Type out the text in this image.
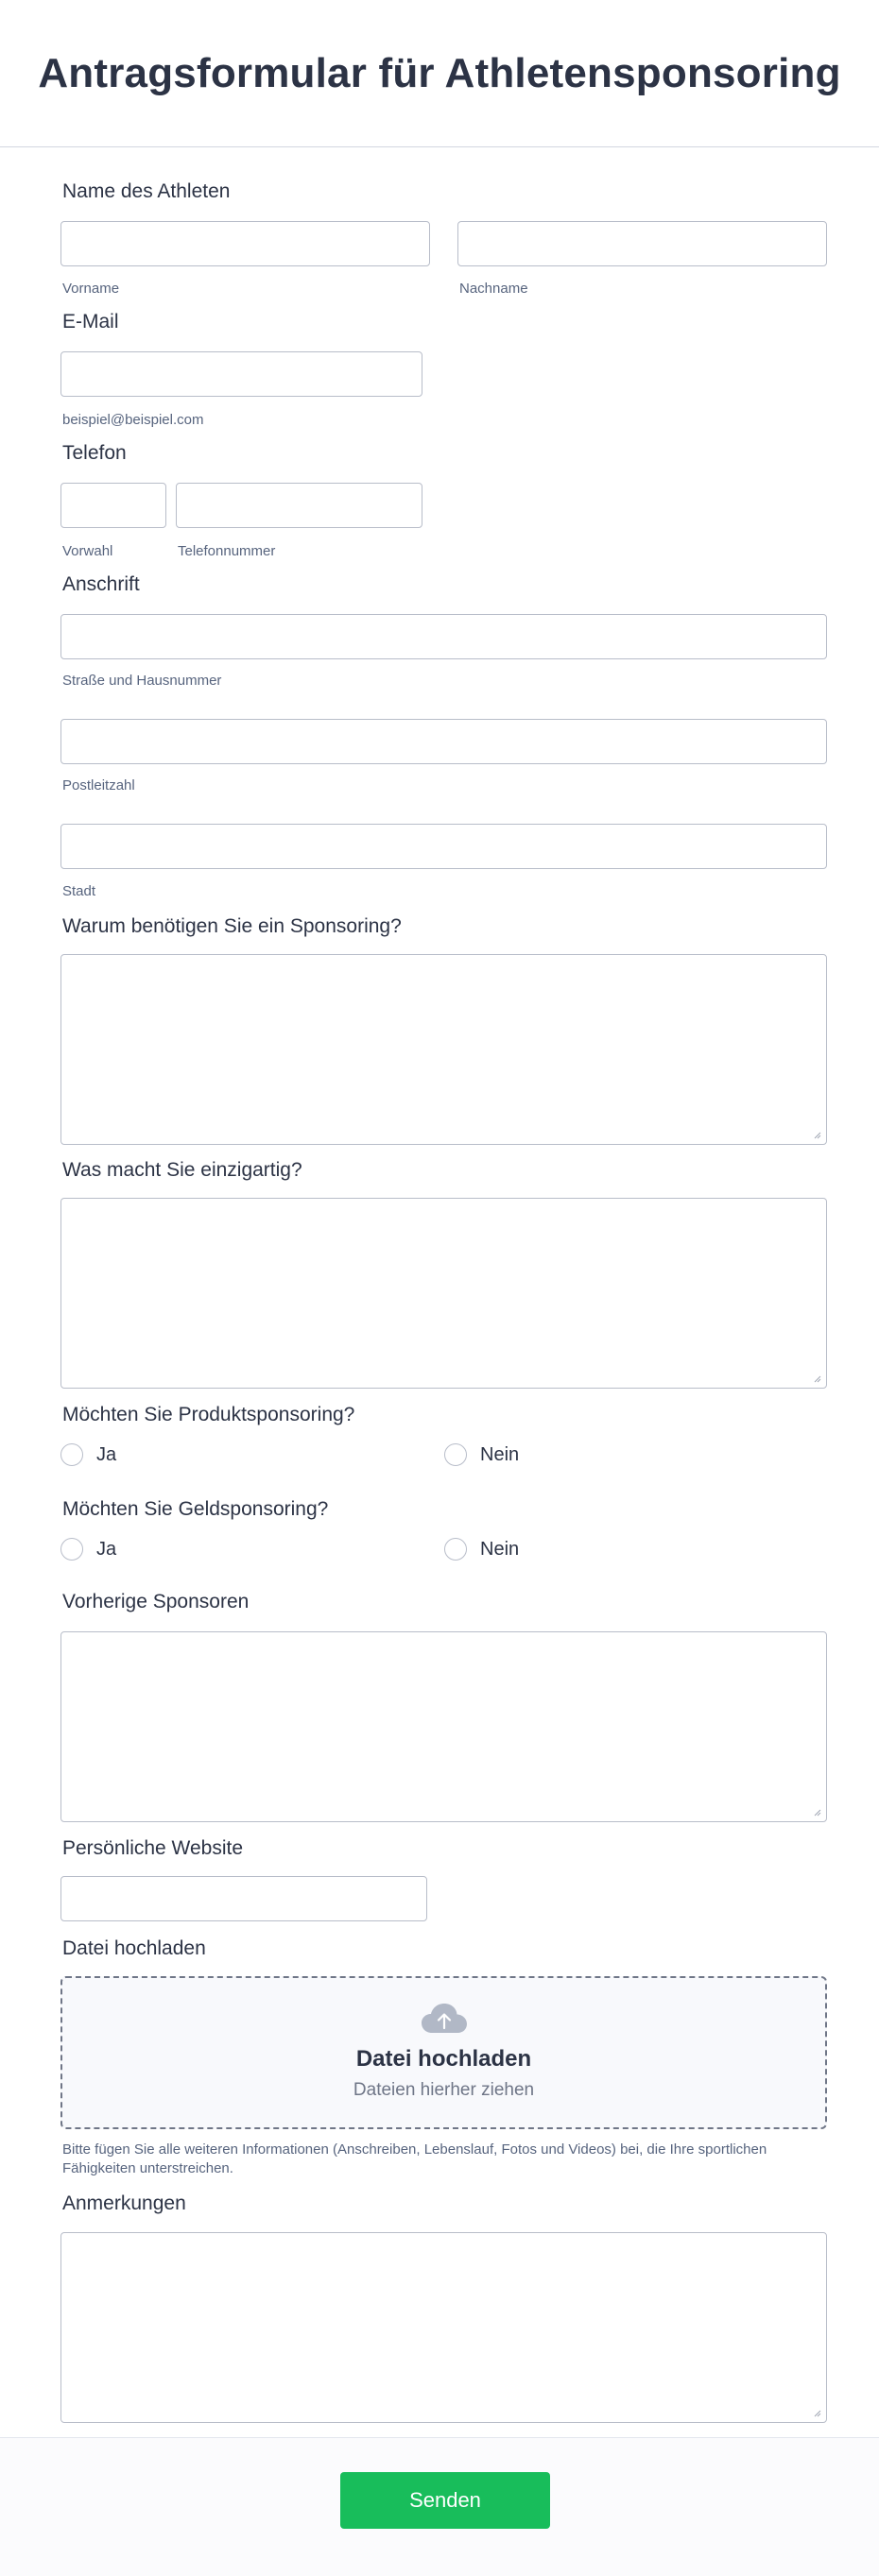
Antragsformular für Athletensponsoring
Name des Athleten
Vorname	Nachname
E-Mail
beispiel@beispiel.com
Telefon
Vorwahl	Telefonnummer
Anschrift
Straße und Hausnummer
Postleitzahl
Stadt
Warum benötigen Sie ein Sponsoring?
Was macht Sie einzigartig?
Möchten Sie Produktsponsoring?
Ja	Nein
Möchten Sie Geldsponsoring?
Ja	Nein
Vorherige Sponsoren
Persönliche Website
Datei hochladen
Datei hochladen
Dateien hierher ziehen
Bitte fügen Sie alle weiteren Informationen (Anschreiben, Lebenslauf, Fotos und Videos) bei, die Ihre sportlichen
Fähigkeiten unterstreichen.
Anmerkungen
Senden
